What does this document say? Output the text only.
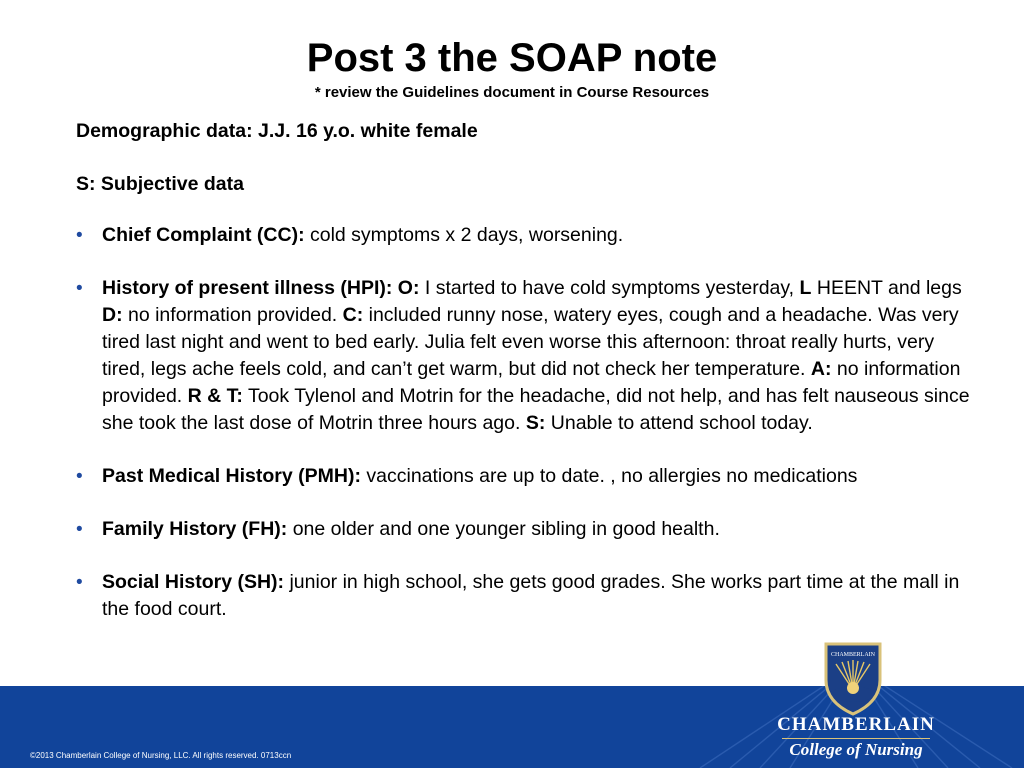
Post 3 the SOAP note
* review the Guidelines document in Course Resources

Demographic data: J.J. 16 y.o. white female

S: Subjective data

• Chief Complaint (CC): cold symptoms x 2 days, worsening.
• History of present illness (HPI): O: I started to have cold symptoms yesterday, L HEENT and legs D: no information provided. C: included runny nose, watery eyes, cough and a headache. Was very tired last night and went to bed early. Julia felt even worse this afternoon: throat really hurts, very tired, legs ache feels cold, and can’t get warm, but did not check her temperature. A: no information provided. R & T: Took Tylenol and Motrin for the headache, did not help, and has felt nauseous since she took the last dose of Motrin three hours ago. S: Unable to attend school today.
• Past Medical History (PMH): vaccinations are up to date. , no allergies no medications
• Family History (FH): one older and one younger sibling in good health.
• Social History (SH): junior in high school, she gets good grades. She works part time at the mall in the food court.
CHAMBERLAIN
CHAMBERLAIN
College of Nursing
©2013 Chamberlain College of Nursing, LLC. All rights reserved. 0713ccn
